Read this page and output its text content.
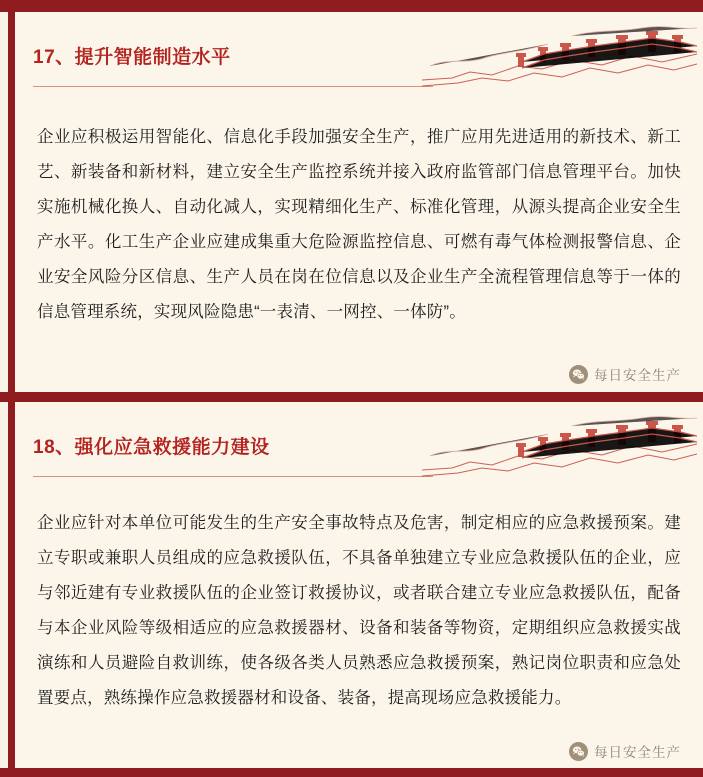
17、提升智能制造水平
企业应积极运用智能化、信息化手段加强安全生产，推广应用先进适用的新技术、新工艺、新装备和新材料，建立安全生产监控系统并接入政府监管部门信息管理平台。加快实施机械化换人、自动化减人，实现精细化生产、标准化管理，从源头提高企业安全生产水平。化工生产企业应建成集重大危险源监控信息、可燃有毒气体检测报警信息、企业安全风险分区信息、生产人员在岗在位信息以及企业生产全流程管理信息等于一体的信息管理系统，实现风险隐患“一表清、一网控、一体防”。
每日安全生产
18、强化应急救援能力建设
企业应针对本单位可能发生的生产安全事故特点及危害，制定相应的应急救援预案。建立专职或兼职人员组成的应急救援队伍，不具备单独建立专业应急救援队伍的企业，应与邻近建有专业救援队伍的企业签订救援协议，或者联合建立专业应急救援队伍，配备与本企业风险等级相适应的应急救援器材、设备和装备等物资，定期组织应急救援实战演练和人员避险自救训练，使各级各类人员熟悉应急救援预案，熟记岗位职责和应急处置要点，熟练操作应急救援器材和设备、装备，提高现场应急救援能力。
每日安全生产
